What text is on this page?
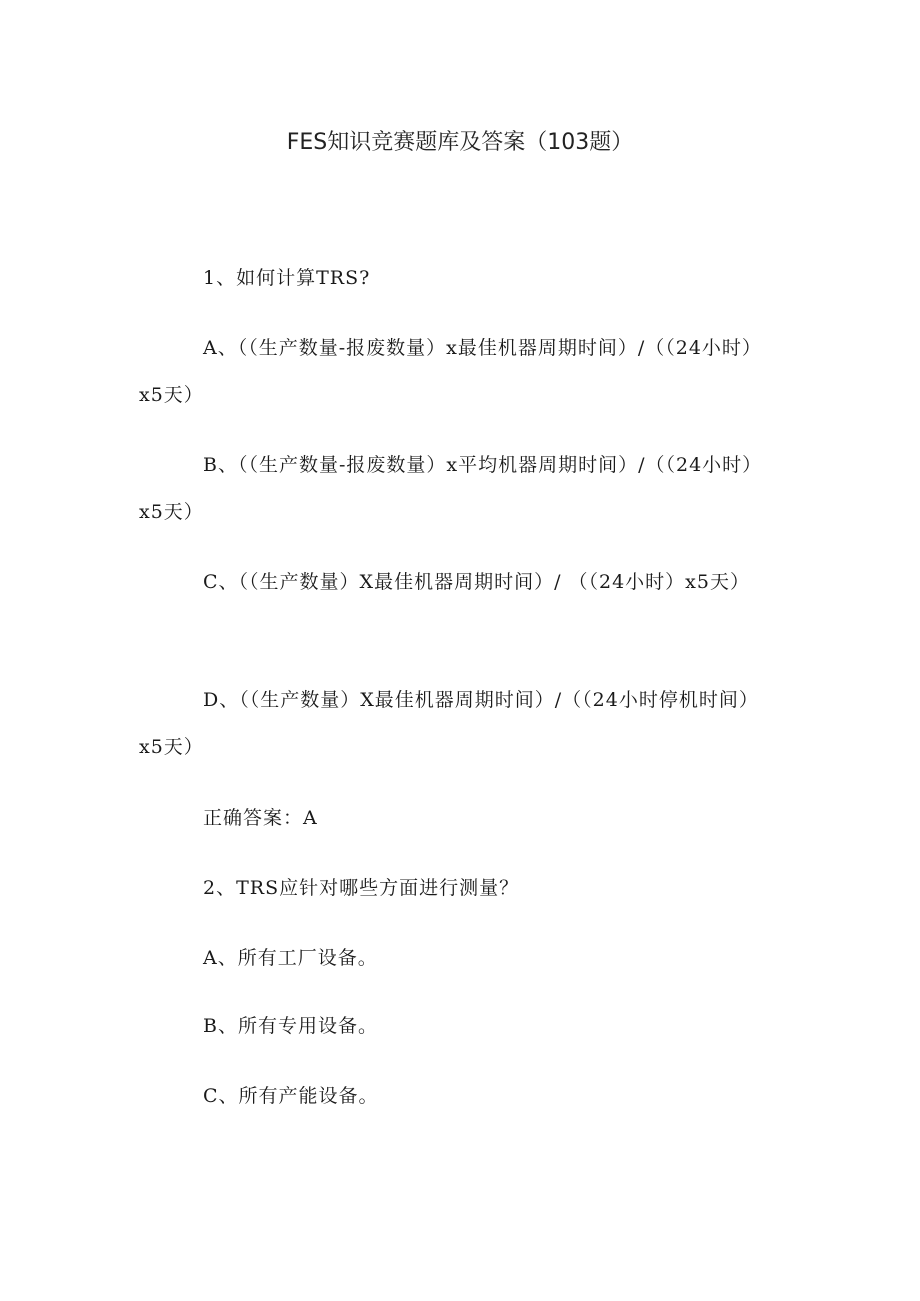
FES知识竞赛题库及答案（103题）
1、如何计算TRS?
A、（（生产数量-报废数量）x最佳机器周期时间）/（（24小时） x5天）
B、（（生产数量-报废数量）x平均机器周期时间）/（（24小时） x5天）
C、（（生产数量）X最佳机器周期时间）/ （（24小时）x5天）
D、（（生产数量）X最佳机器周期时间）/（（24小时停机时间） x5天）
正确答案：A
2、TRS应针对哪些方面进行测量？
A、所有工厂设备。
B、所有专用设备。
C、所有产能设备。
